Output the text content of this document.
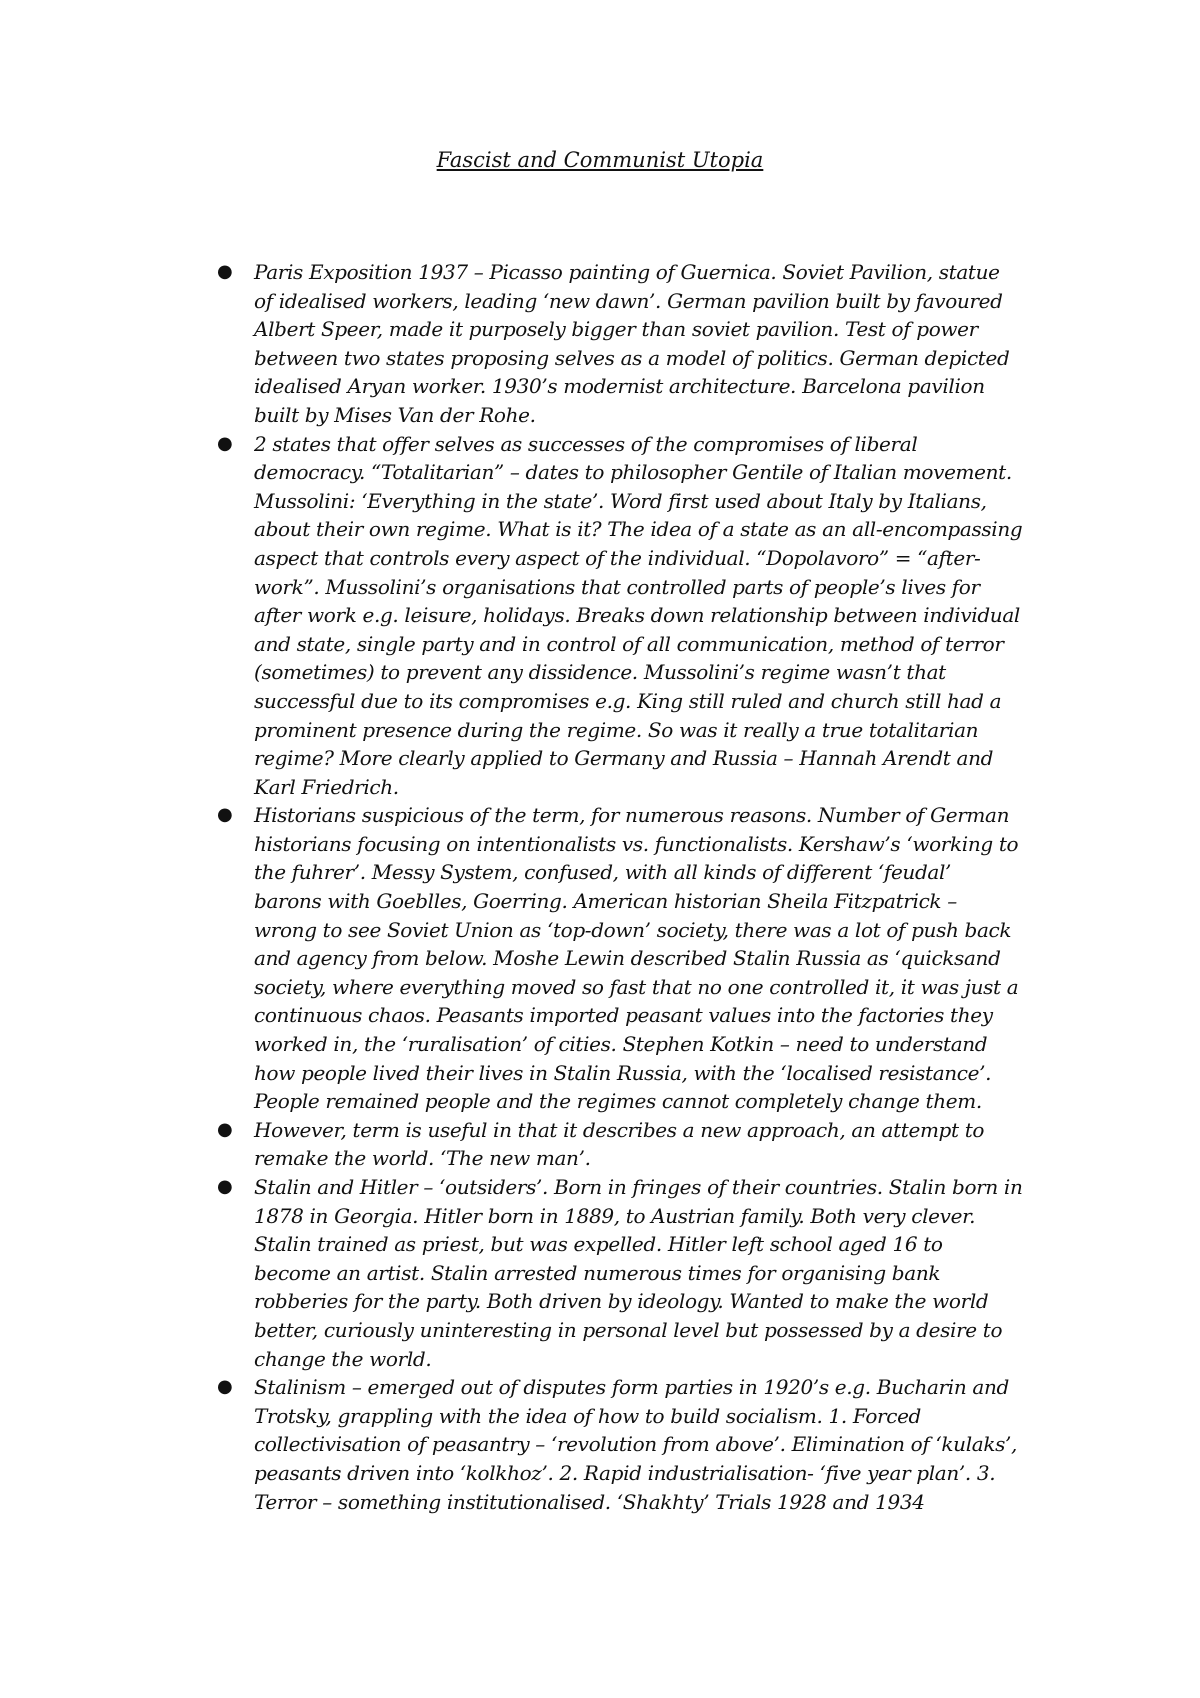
Fascist and Communist Utopia
● Paris Exposition 1937 – Picasso painting of Guernica. Soviet Pavilion, statue of idealised workers, leading ‘new dawn’. German pavilion built by favoured Albert Speer, made it purposely bigger than soviet pavilion. Test of power between two states proposing selves as a model of politics. German depicted idealised Aryan worker. 1930’s modernist architecture. Barcelona pavilion built by Mises Van der Rohe.
● 2 states that offer selves as successes of the compromises of liberal democracy. “Totalitarian” – dates to philosopher Gentile of Italian movement. Mussolini: ‘Everything in the state’. Word first used about Italy by Italians, about their own regime. What is it? The idea of a state as an all-encompassing aspect that controls every aspect of the individual. “Dopolavoro” = “after-work”. Mussolini’s organisations that controlled parts of people’s lives for after work e.g. leisure, holidays. Breaks down relationship between individual and state, single party and in control of all communication, method of terror (sometimes) to prevent any dissidence. Mussolini’s regime wasn’t that successful due to its compromises e.g. King still ruled and church still had a prominent presence during the regime. So was it really a true totalitarian regime? More clearly applied to Germany and Russia – Hannah Arendt and Karl Friedrich.
● Historians suspicious of the term, for numerous reasons. Number of German historians focusing on intentionalists vs. functionalists. Kershaw’s ‘working to the fuhrer’. Messy System, confused, with all kinds of different ‘feudal’ barons with Goeblles, Goerring. American historian Sheila Fitzpatrick – wrong to see Soviet Union as ‘top-down’ society, there was a lot of push back and agency from below. Moshe Lewin described Stalin Russia as ‘quicksand society, where everything moved so fast that no one controlled it, it was just a continuous chaos. Peasants imported peasant values into the factories they worked in, the ‘ruralisation’ of cities. Stephen Kotkin – need to understand how people lived their lives in Stalin Russia, with the ‘localised resistance’. People remained people and the regimes cannot completely change them.
● However, term is useful in that it describes a new approach, an attempt to remake the world. ‘The new man’.
● Stalin and Hitler – ‘outsiders’. Born in fringes of their countries. Stalin born in 1878 in Georgia. Hitler born in 1889, to Austrian family. Both very clever. Stalin trained as priest, but was expelled. Hitler left school aged 16 to become an artist. Stalin arrested numerous times for organising bank robberies for the party. Both driven by ideology. Wanted to make the world better, curiously uninteresting in personal level but possessed by a desire to change the world.
● Stalinism – emerged out of disputes form parties in 1920’s e.g. Bucharin and Trotsky, grappling with the idea of how to build socialism. 1. Forced collectivisation of peasantry – ‘revolution from above’. Elimination of ‘kulaks’, peasants driven into ‘kolkhoz’. 2. Rapid industrialisation- ‘five year plan’. 3. Terror – something institutionalised. ‘Shakhty’ Trials 1928 and 1934
